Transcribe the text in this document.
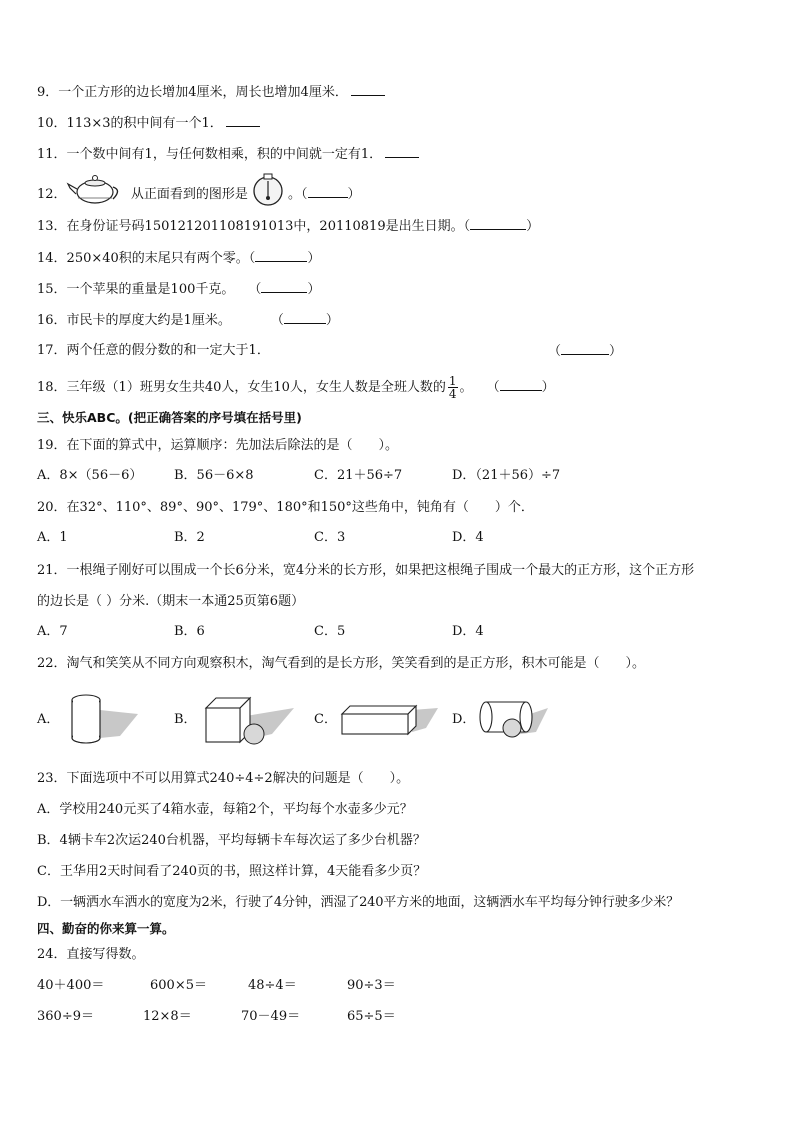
9．一个正方形的边长增加4厘米，周长也增加4厘米．
10．113×3的积中间有一个1．
11．一个数中间有1，与任何数相乘，积的中间就一定有1．
12．	从正面看到的图形是	。（	）
13．在身份证号码150121201108191013中，20110819是出生日期。（	）
14．250×40积的末尾只有两个零。（	）
15．一个苹果的重量是100千克。 （	）
16．市民卡的厚度大约是1厘米。	（	）
17．两个任意的假分数的和一定大于1．	（	）
18．三年级（1）班男女生共40人，女生10人，女生人数是全班人数的 $\frac{1}{4}$ 。 （	）
三、快乐ABC。(把正确答案的序号填在括号里)
19．在下面的算式中，运算顺序：先加法后除法的是（　　）。
A．8×（56－6） B．56－6×8	C．21＋56÷7	D．（21＋56）÷7
20．在32°、110°、89°、90°、179°、180°和150°这些角中，钝角有（　　）个．
A．1	B．2	C．3	D．4
21．一根绳子刚好可以围成一个长6分米，宽4分米的长方形，如果把这根绳子围成一个最大的正方形，这个正方形
的边长是（ ）分米.（期末一本通25页第6题）
A．7	B．6	C．5	D．4
22．淘气和笑笑从不同方向观察积木，淘气看到的是长方形，笑笑看到的是正方形，积木可能是（　　）。
A．	B．	C．	D．
23．下面选项中不可以用算式240÷4÷2解决的问题是（　　）。
A．学校用240元买了4箱水壶，每箱2个，平均每个水壶多少元？
B．4辆卡车2次运240台机器，平均每辆卡车每次运了多少台机器？
C．王华用2天时间看了240页的书，照这样计算，4天能看多少页？
D．一辆洒水车洒水的宽度为2米，行驶了4分钟，洒湿了240平方米的地面，这辆洒水车平均每分钟行驶多少米？
四、勤奋的你来算一算。
24．直接写得数。
40＋400＝	600×5＝	48÷4＝	90÷3＝
360÷9＝	12×8＝	70－49＝	65÷5＝
